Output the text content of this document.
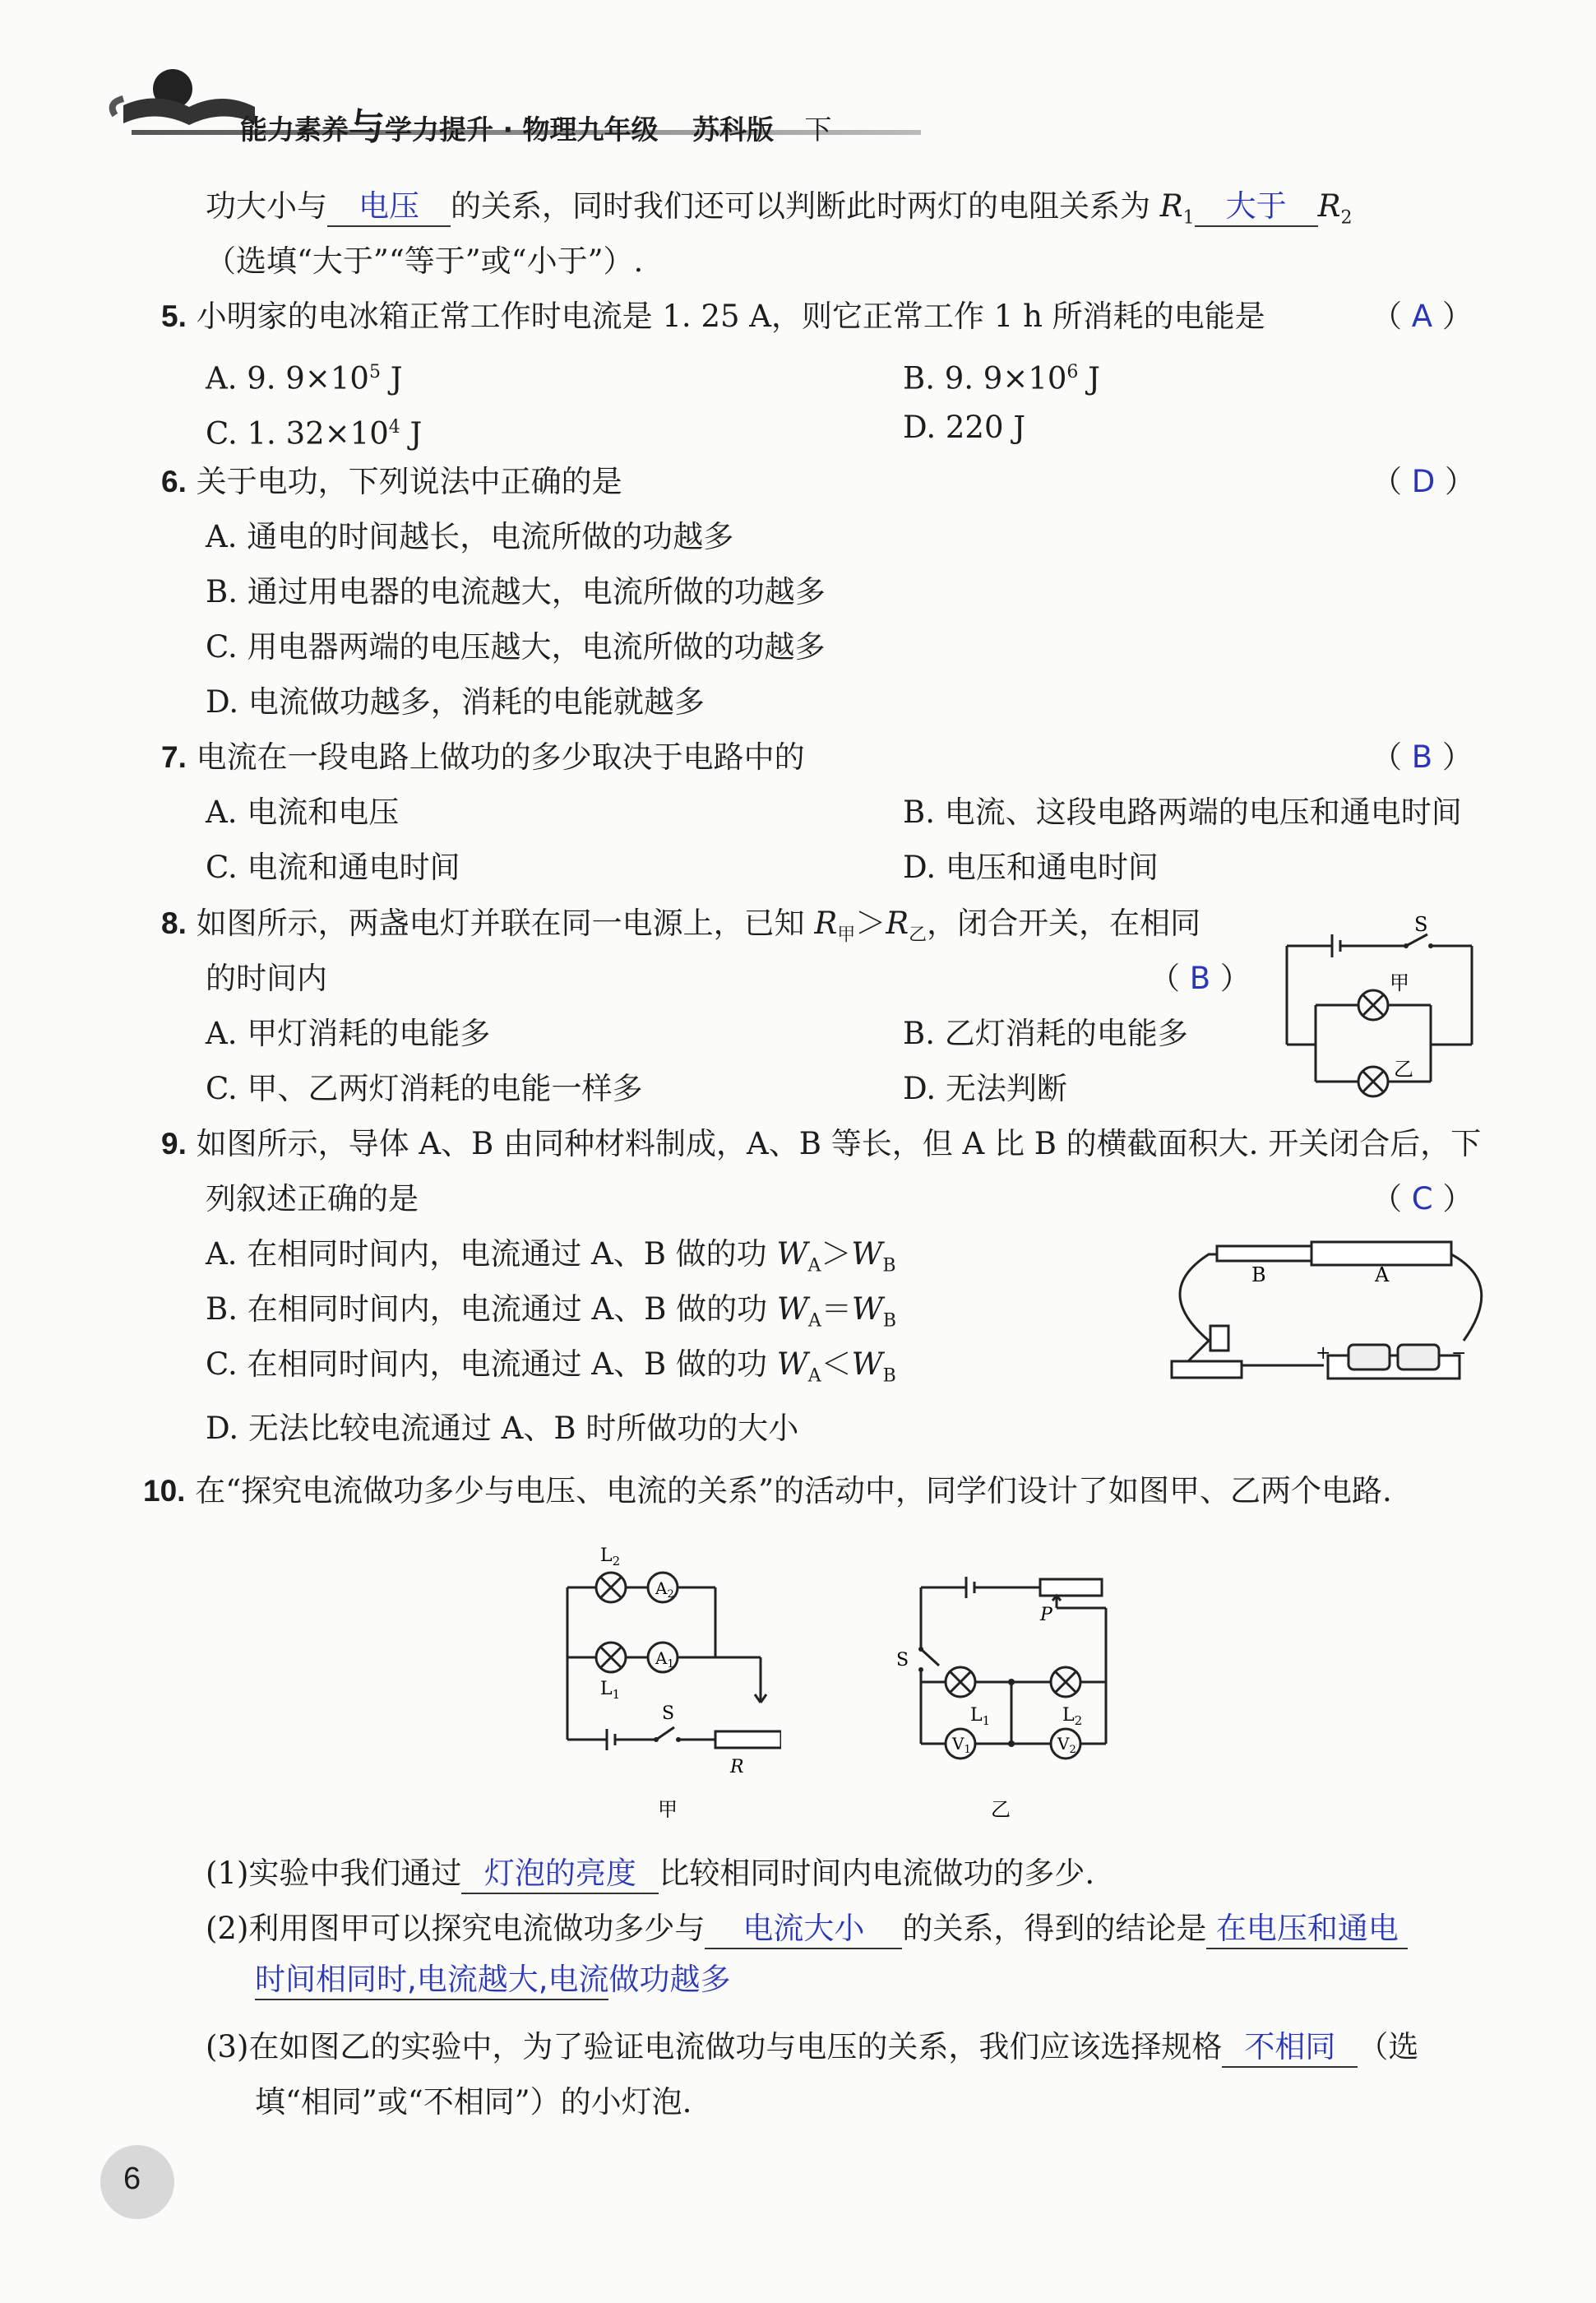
能力素养与学力提升 · 物理九年级 苏科版 下
功大小与 电压 的关系，同时我们还可以判断此时两灯的电阻关系为 $R_1$ 大于 $R_2$
（选填“大于”“等于”或“小于”）.
5. 小明家的电冰箱正常工作时电流是 1. 25 A，则它正常工作 1 h 所消耗的电能是	（ A ）
A. 9. $9\times 10^5$ J	B. 9. $9\times 10^6$ J
C. 1. $32\times 10^4$ J	D. 220 J
6. 关于电功，下列说法中正确的是	（ D ）
A. 通电的时间越长，电流所做的功越多
B. 通过用电器的电流越大，电流所做的功越多
C. 用电器两端的电压越大，电流所做的功越多
D. 电流做功越多，消耗的电能就越多
7. 电流在一段电路上做功的多少取决于电路中的	（ B ）
A. 电流和电压	B. 电流、这段电路两端的电压和通电时间
C. 电流和通电时间	D. 电压和通电时间
8. 如图所示，两盏电灯并联在同一电源上，已知 $R_甲>R_乙$，闭合开关，在相同
的时间内	（ B ）
A. 甲灯消耗的电能多	B. 乙灯消耗的电能多
C. 甲、乙两灯消耗的电能一样多	D. 无法判断
S
甲
乙
9. 如图所示，导体 A、B 由同种材料制成，A、B 等长，但 A 比 B 的横截面积大. 开关闭合后，下
列叙述正确的是	（ C ）
A. 在相同时间内，电流通过 A、B 做的功 $W_A>W_B$
B. 在相同时间内，电流通过 A、B 做的功 $W_A=W_B$
C. 在相同时间内，电流通过 A、B 做的功 $W_A<W_B$
D. 无法比较电流通过 A、B 时所做功的大小
B	A
+	−
10. 在“探究电流做功多少与电压、电流的关系”的活动中，同学们设计了如图甲、乙两个电路.
$L_2$
$L_1$
$A_2$
$A_1$
S
R
甲
S
P
$L_1$	$L_2$
$V_1$	$V_2$
乙
(1)实验中我们通过 灯泡的亮度 比较相同时间内电流做功的多少.
(2)利用图甲可以探究电流做功多少与 电流大小 的关系，得到的结论是 在电压和通电
时间相同时,电流越大,电流做功越多
(3)在如图乙的实验中，为了验证电流做功与电压的关系，我们应该选择规格 不相同 （选
填“相同”或“不相同”）的小灯泡.
6
